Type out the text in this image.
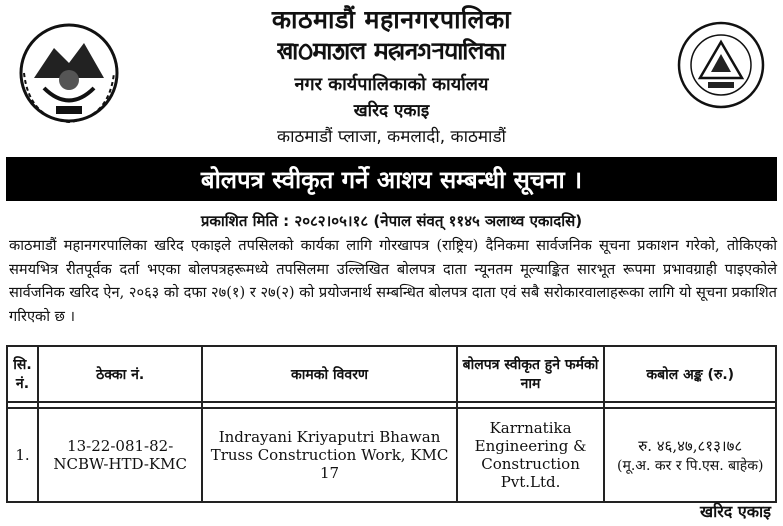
काठमाडौं महानगरपालिका
𑐏𑐵𑐛𑐩𑐵𑐜𑐵𑐮 𑐩𑐴𑐵𑐣𑐐𑐬𑐥𑐵𑐮𑐶𑐎𑐵
नगर कार्यपालिकाको कार्यालय
खरिद एकाइ
काठमाडौं प्लाजा, कमलादी, काठमाडौं
बोलपत्र स्वीकृत गर्ने आशय सम्बन्धी सूचना ।
प्रकाशित मिति : २०८२।०५।१८ (नेपाल संवत् ११४५ ञलाथ्व एकादसि)
काठमाडौं महानगरपालिका खरिद एकाइले तपसिलको कार्यका लागि गोरखापत्र (राष्ट्रिय) दैनिकमा सार्वजनिक सूचना प्रकाशन गरेको, तोकिएको समयभित्र रीतपूर्वक दर्ता भएका बोलपत्रहरूमध्ये तपसिलमा उल्लिखित बोलपत्र दाता न्यूनतम मूल्याङ्कित सारभूत रूपमा प्रभावग्राही पाइएकोले सार्वजनिक खरिद ऐन, २०६३ को दफा २७(१) र २७(२) को प्रयोजनार्थ सम्बन्धित बोलपत्र दाता एवं सबै सरोकारवालाहरूका लागि यो सूचना प्रकाशित गरिएको छ ।
सि. नं.	ठेक्का नं.	कामको विवरण	बोलपत्र स्वीकृत हुने फर्मको नाम	कबोल अङ्क (रु.)

1.	13-22-081-82-NCBW-HTD-KMC	Indrayani Kriyaputri Bhawan Truss Construction Work, KMC 17	Karrnatika Engineering & Construction Pvt.Ltd.	रु. ४६,४७,८१३।७८
(मू.अ. कर र पि.एस. बाहेक)
खरिद एकाइ
